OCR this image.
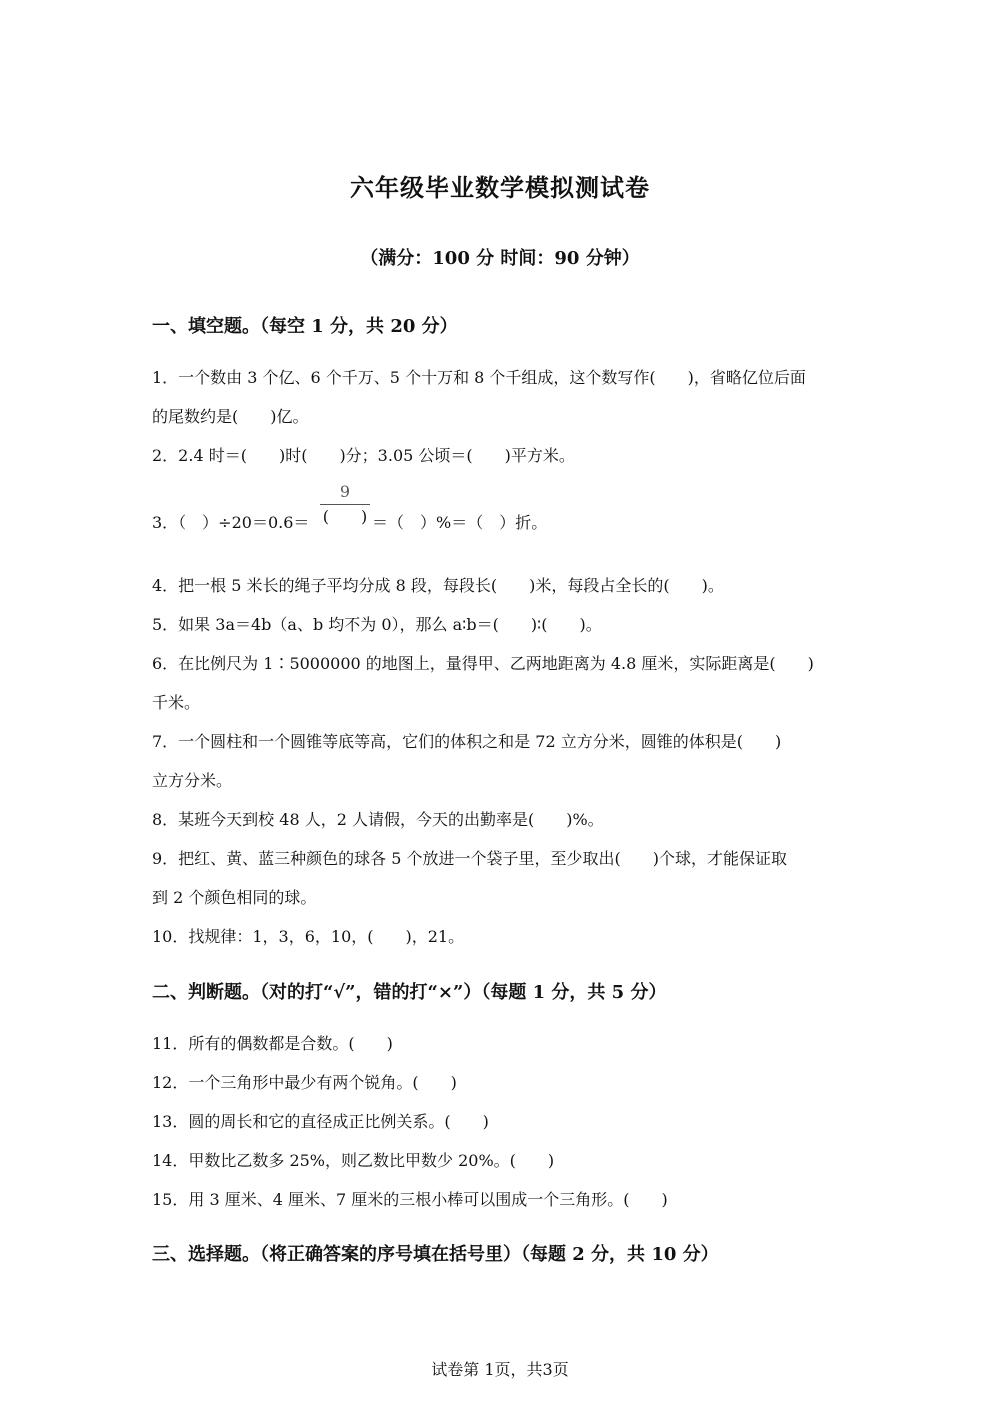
六年级毕业数学模拟测试卷
（满分：100 分 时间：90 分钟）
一、填空题。（每空 1 分，共 20 分）
1．一个数由 3 个亿、6 个千万、5 个十万和 8 个千组成，这个数写作(　　)，省略亿位后面
的尾数约是(　　)亿。
2．2.4 时＝(　　)时(　　)分；3.05 公顷＝(　　)平方米。
3．（　）÷20＝0.6＝
9
(　　) ＝（　）%＝（　）折。
4．把一根 5 米长的绳子平均分成 8 段，每段长(　　)米，每段占全长的(　　)。
5．如果 3a＝4b（a、b 均不为 0），那么 a∶b＝(　　)∶(　　)。
6．在比例尺为 1∶5000000 的地图上，量得甲、乙两地距离为 4.8 厘米，实际距离是(　　)
千米。
7．一个圆柱和一个圆锥等底等高，它们的体积之和是 72 立方分米，圆锥的体积是(　　)
立方分米。
8．某班今天到校 48 人，2 人请假，今天的出勤率是(　　)%。
9．把红、黄、蓝三种颜色的球各 5 个放进一个袋子里，至少取出(　　)个球，才能保证取
到 2 个颜色相同的球。
10．找规律：1，3，6，10，(　　)，21。
二、判断题。（对的打“√”，错的打“×”）（每题 1 分，共 5 分）
11．所有的偶数都是合数。(　　)
12．一个三角形中最少有两个锐角。(　　)
13．圆的周长和它的直径成正比例关系。(　　)
14．甲数比乙数多 25%，则乙数比甲数少 20%。(　　)
15．用 3 厘米、4 厘米、7 厘米的三根小棒可以围成一个三角形。(　　)
三、选择题。（将正确答案的序号填在括号里）（每题 2 分，共 10 分）
试卷第 1页，共3页
